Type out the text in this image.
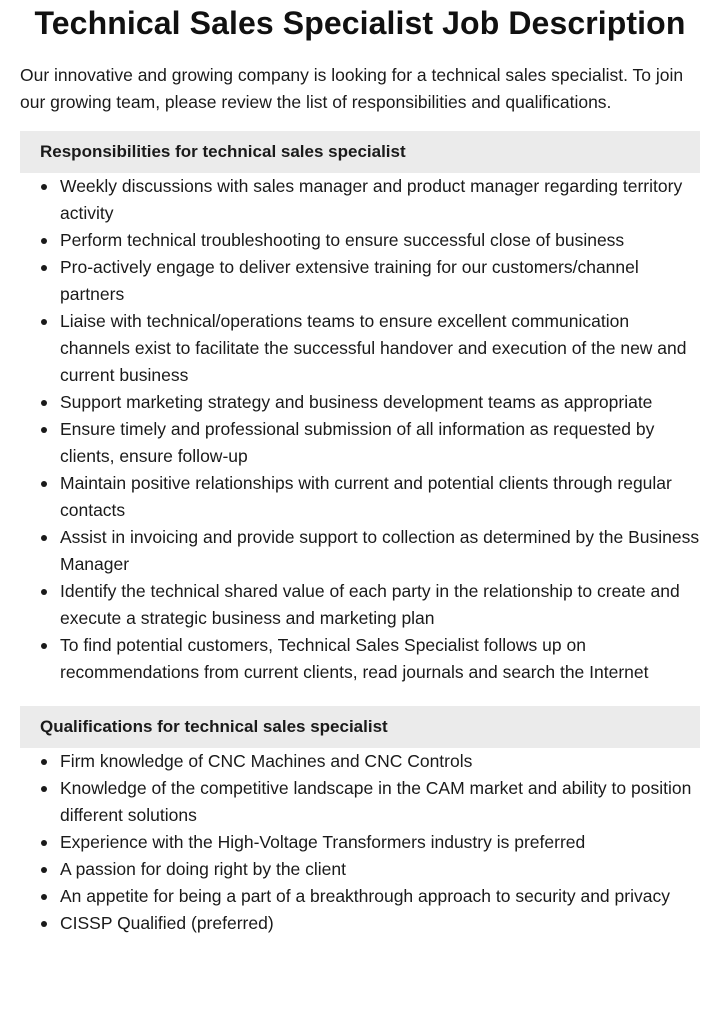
Technical Sales Specialist Job Description

Our innovative and growing company is looking for a technical sales specialist. To join our growing team, please review the list of responsibilities and qualifications.

Responsibilities for technical sales specialist
Weekly discussions with sales manager and product manager regarding territory activity
Perform technical troubleshooting to ensure successful close of business
Pro-actively engage to deliver extensive training for our customers/channel partners
Liaise with technical/operations teams to ensure excellent communication channels exist to facilitate the successful handover and execution of the new and current business
Support marketing strategy and business development teams as appropriate
Ensure timely and professional submission of all information as requested by clients, ensure follow-up
Maintain positive relationships with current and potential clients through regular contacts
Assist in invoicing and provide support to collection as determined by the Business Manager
Identify the technical shared value of each party in the relationship to create and execute a strategic business and marketing plan
To find potential customers, Technical Sales Specialist follows up on recommendations from current clients, read journals and search the Internet
Qualifications for technical sales specialist
Firm knowledge of CNC Machines and CNC Controls
Knowledge of the competitive landscape in the CAM market and ability to position different solutions
Experience with the High-Voltage Transformers industry is preferred
A passion for doing right by the client
An appetite for being a part of a breakthrough approach to security and privacy
CISSP Qualified (preferred)
